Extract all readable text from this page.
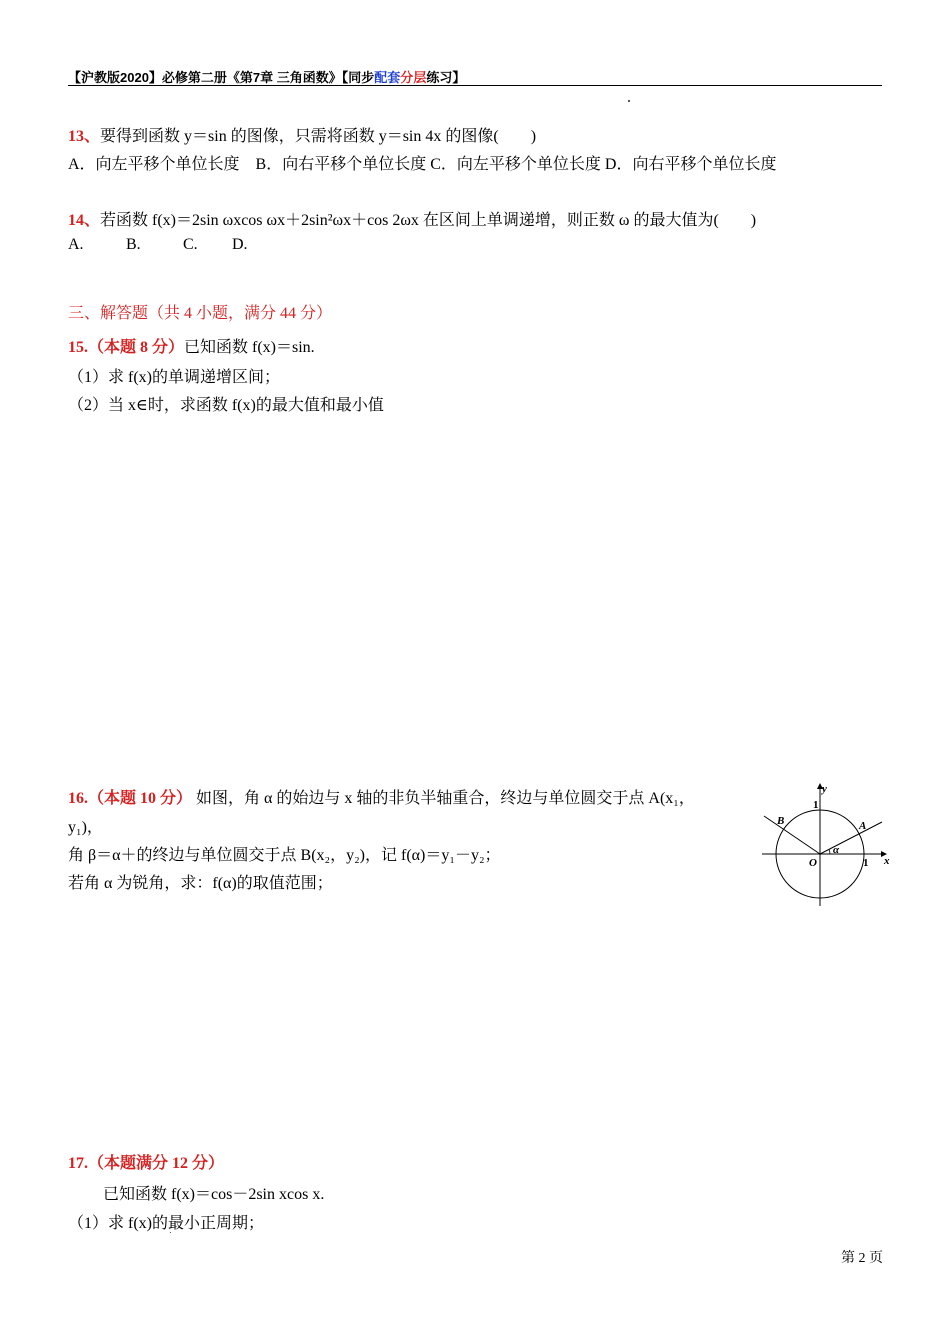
【沪教版2020】必修第二册《第7章 三角函数》【同步配套分层练习】
13、要得到函数 y＝sin 的图像，只需将函数 y＝sin 4x 的图像(　　)
A．向左平移个单位长度　B．向右平移个单位长度 C．向左平移个单位长度 D．向右平移个单位长度
14、若函数 f(x)＝2sin ωxcos ωx＋2sin²ωx＋cos 2ωx 在区间上单调递增，则正数 ω 的最大值为(　　)
A.	B.	C. D.
三、解答题（共 4 小题，满分 44 分）
15.（本题 8 分）已知函数 f(x)＝sin.
（1）求 f(x)的单调递增区间；
（2）当 x∈时，求函数 f(x)的最大值和最小值
16.（本题 10 分） 如图，角 α 的始边与 x 轴的非负半轴重合，终边与单位圆交于点 A(x₁，
y₁)，
角 β＝α＋的终边与单位圆交于点 B(x₂，y₂)，记 f(α)＝y₁－y₂；
若角 α 为锐角，求：f(α)的取值范围；
y
x
1
1
O
A
B
α
17.（本题满分 12 分）
已知函数 f(x)＝cos－2sin xcos x.
（1）求 f(x)的最小正周期；
第 2 页
